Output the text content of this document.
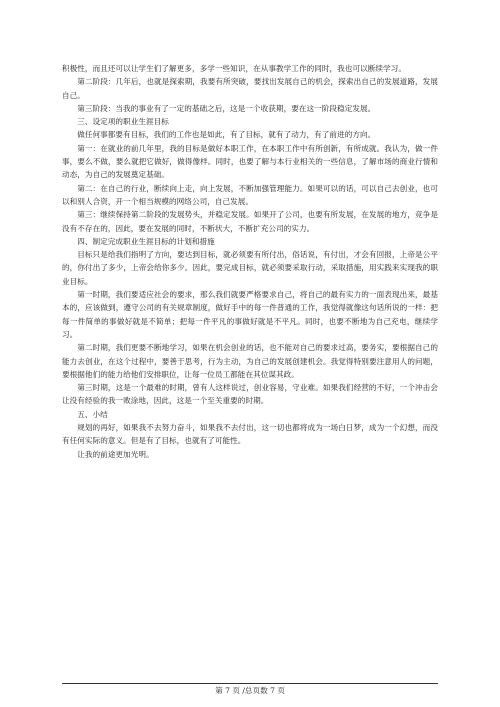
积极性，而且还可以让学生们了解更多，多学一些知识，在从事教学工作的同时，我也可以断续学习。

第二阶段：几年后，也就是探索期，我要有所突破，要找出发展自己的机会，探索出自己的发展道路，发展自己。

第三阶段：当我的事业有了一定的基础之后，这是一个收获期，要在这一阶段稳定发展。

三、设定项的职业生涯目标

做任何事都要有目标，我们的工作也是如此，有了目标，就有了动力，有了前进的方向。

第一：在就业的前几年里，我的目标是做好本职工作，在本职工作中有所创新，有所成就。我认为，做一件事，要么不做，要么就把它做好，做得像样。同时，也要了解与本行业相关的一些信息，了解市场的商业行情和动态，为自己的发展奠定基础。

第二：在自己的行业，断续向上走，向上发展，不断加强管理能力。如果可以的话，可以自己去创业，也可以和别人合资，开一个相当规模的网络公司，自己发展。

第三：继续保持第二阶段的发展势头，并稳定发展。如果开了公司，也要有所发展，在发展的地方，竞争是没有不存在的，因此，要在发展的同时，不断状大，不断扩充公司的实力。

四、制定完成职业生涯目标的计划和措施

目标只是给我们指明了方向，要达到目标，就必须要有所付出，俗话说，有付出，才会有回报，上帝是公平的，你付出了多少，上帝会给你多少。因此，要完成目标，就必须要采取行动，采取措施，用实践来实现我的职业目标。

第一时期，我们要适应社会的要求，那么我们就要严格要求自己，将自己的最有实力的一面表现出来，最基本的，应该做到，遵守公司的有关规章制度，做好手中的每一件普通的工作，我觉得就像这句话所说的一样：把每一件简单的事做好就是不简单；把每一件平凡的事做好就是不平凡。同时，也要不断地为自己充电，继续学习。

第二时期，我们更要不断地学习，如果在机会创业的话，也不能对自己的要求过高，要务实，要根据自己的能力去创业，在这个过程中，要善于思考，行为主动，为自己的发展创建机会。我觉得特别要注意用人的问题，要根据他们的能力给他们安排职位，让每一位员工都能在其位谋其政。

第三时期，这是一个最难的时期，曾有人这样说过，创业容易，守业难。如果我们经营的不好，一个冲击会让没有经验的我一败涂地，因此，这是一个至关重要的时期。

五、小结

规划的再好，如果我不去努力奋斗，如果我不去付出，这一切也都将成为一场白日梦，成为一个幻想，而没有任何实际的意义。但是有了目标，也就有了可能性。

让我的前途更加光明。

第 7 页 /总页数 7 页
